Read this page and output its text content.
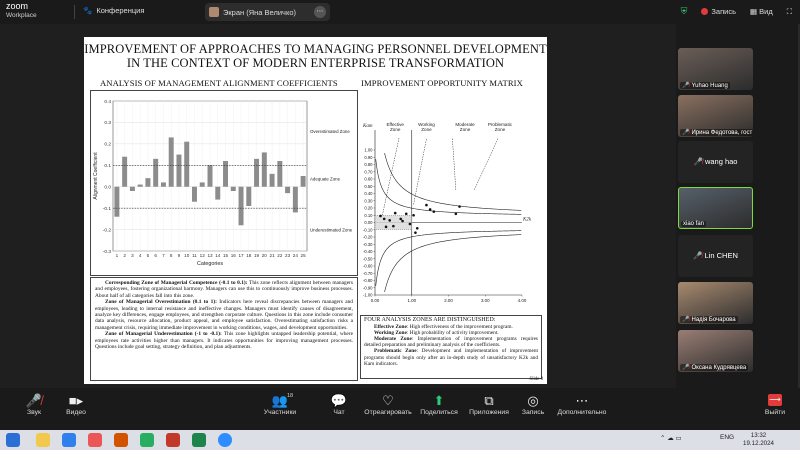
zoom
Workplace
🐾 Конференция	Экран (Яна Величко)	⋯	⛨	Запись ▦ Вид ⛶
IMPROVEMENT OF APPROACHES TO MANAGING PERSONNEL DEVELOPMENT
IN THE CONTEXT OF MODERN ENTERPRISE TRANSFORMATION
ANALYSIS OF MANAGEMENT ALIGNMENT COEFFICIENTS	IMPROVEMENT OPPORTUNITY MATRIX
0.4
0.3
0.2
0.1
0.0
-0.1
-0.2
-0.3
1 2 3 4 5 6 7 8 9 10 11 12 13 14 15 16 17 18 19 20 21 22 23 24 25
Overestimated Zone
Underestimated Zone
Adequate Zone
Categories
Alignment Coefficient
1.00
0.90
0.80
0.70
0.60
0.50
0.40
0.30
0.20
0.10
0.00
-0.10
-0.20
-0.30
-0.40
-0.50
-0.60
-0.70
-0.80
-0.90
-1.00
0.00	1.00	2.00	3.00	4.00
Effective Zone
Working Zone
Moderate Zone
Problematic Zone
Kam
K2k

Corresponding Zone of Managerial Competence (-0.1 to 0.1): This zone reflects alignment between managers and employees, fostering organizational harmony. Managers can use this to continuously improve business processes. About half of all categories fall into this zone.

Zone of Managerial Overestimation (0.1 to 1): Indicators here reveal discrepancies between managers and employees, leading to internal resistance and ineffective changes. Managers must identify causes of disagreement, analyze key differences, engage employees, and strengthen corporate culture. Questions in this zone include consumer data analysis, resource allocation, product appeal, and employee satisfaction. Overestimating satisfaction risks a management crisis, requiring immediate improvement in working conditions, wages, and development opportunities.

Zone of Managerial Underestimation (-1 to -0.1): This zone highlights untapped leadership potential, where employees rate activities higher than managers. It indicates opportunities for improving management processes. Questions include goal setting, strategy definition, and plan adjustments.

FOUR ANALYSIS ZONES ARE DISTINGUISHED:

Effective Zone: High effectiveness of the improvement program.

Working Zone: High probability of activity improvement.

Moderate Zone: Implementation of improvement programs requires detailed preparation and preliminary analysis of the coefficients.

Problematic Zone: Development and implementation of improvement programs should begin only after an in-depth study of unsatisfactory K2k and Kam indicators.

Slide 8
🎤̸ Yuhao Huang
🎤̸ Ирина Федотова, гост
🎤̸ wang hao
xiao fan
🎤̸ Lin CHEN
🎤̸ Надія Бочарова
🎤̸ Оксана Кудрявцева
🎤̸
Звук
■▸
Видео
👥
18
Участники
💬
Чат
♡
Отреагировать
⬆
Поделиться
⧉
Приложения
◎
Запись
⋯
Дополнительно
⟶
Выйти
⌃ ☁ ▭	ENG	13:32
19.12.2024
